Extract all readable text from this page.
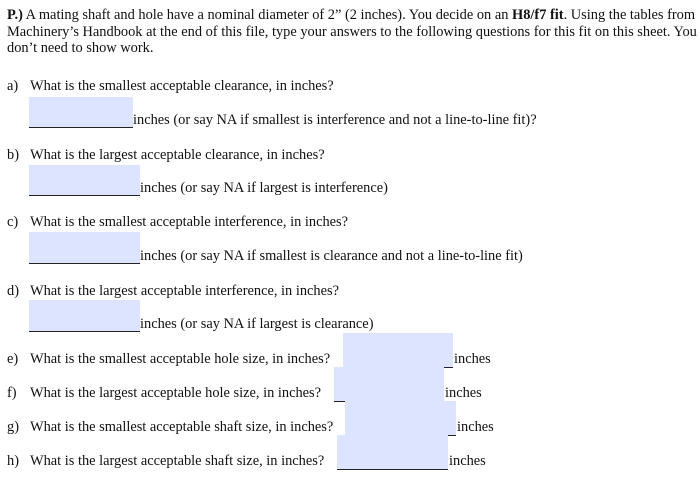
P.) A mating shaft and hole have a nominal diameter of 2” (2 inches). You decide on an H8/f7 fit. Using the tables from Machinery’s Handbook at the end of this file, type your answers to the following questions for this fit on this sheet. You don’t need to show work.
a) What is the smallest acceptable clearance, in inches?
inches (or say NA if smallest is interference and not a line-to-line fit)?
b) What is the largest acceptable clearance, in inches?
inches (or say NA if largest is interference)
c) What is the smallest acceptable interference, in inches?
inches (or say NA if smallest is clearance and not a line-to-line fit)
d) What is the largest acceptable interference, in inches?
inches (or say NA if largest is clearance)
e) What is the smallest acceptable hole size, in inches?	inches
f) What is the largest acceptable hole size, in inches?	inches
g) What is the smallest acceptable shaft size, in inches?	inches
h) What is the largest acceptable shaft size, in inches?	inches
